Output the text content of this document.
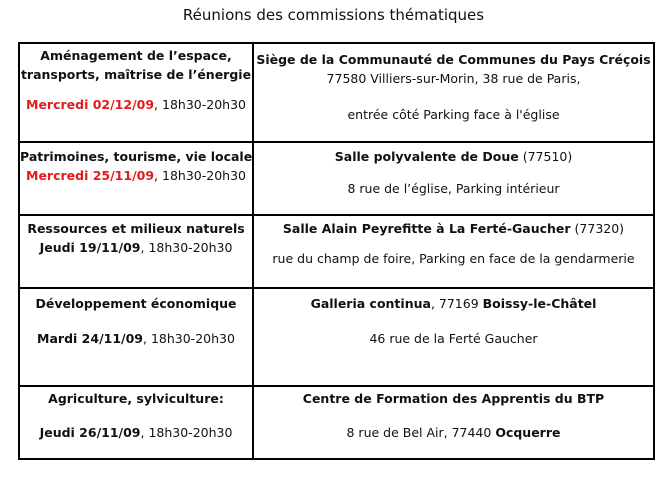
Réunions des commissions thématiques
Aménagement de l’espace,
transports, maîtrise de l’énergie
Mercredi 02/12/09, 18h30-20h30	Siège de la Communauté de Communes du Pays Créçois
77580 Villiers-sur-Morin, 38 rue de Paris,
entrée côté Parking face à l'église

Patrimoines, tourisme, vie locale
Mercredi 25/11/09, 18h30-20h30	Salle polyvalente de Doue (77510)
8 rue de l’église, Parking intérieur

Ressources et milieux naturels
Jeudi 19/11/09, 18h30-20h30	Salle Alain Peyrefitte à La Ferté-Gaucher (77320)
rue du champ de foire, Parking en face de la gendarmerie

Développement économique
Mardi 24/11/09, 18h30-20h30	Galleria continua, 77169 Boissy-le-Châtel
46 rue de la Ferté Gaucher

Agriculture, sylviculture:
Jeudi 26/11/09, 18h30-20h30	Centre de Formation des Apprentis du BTP
8 rue de Bel Air, 77440 Ocquerre
